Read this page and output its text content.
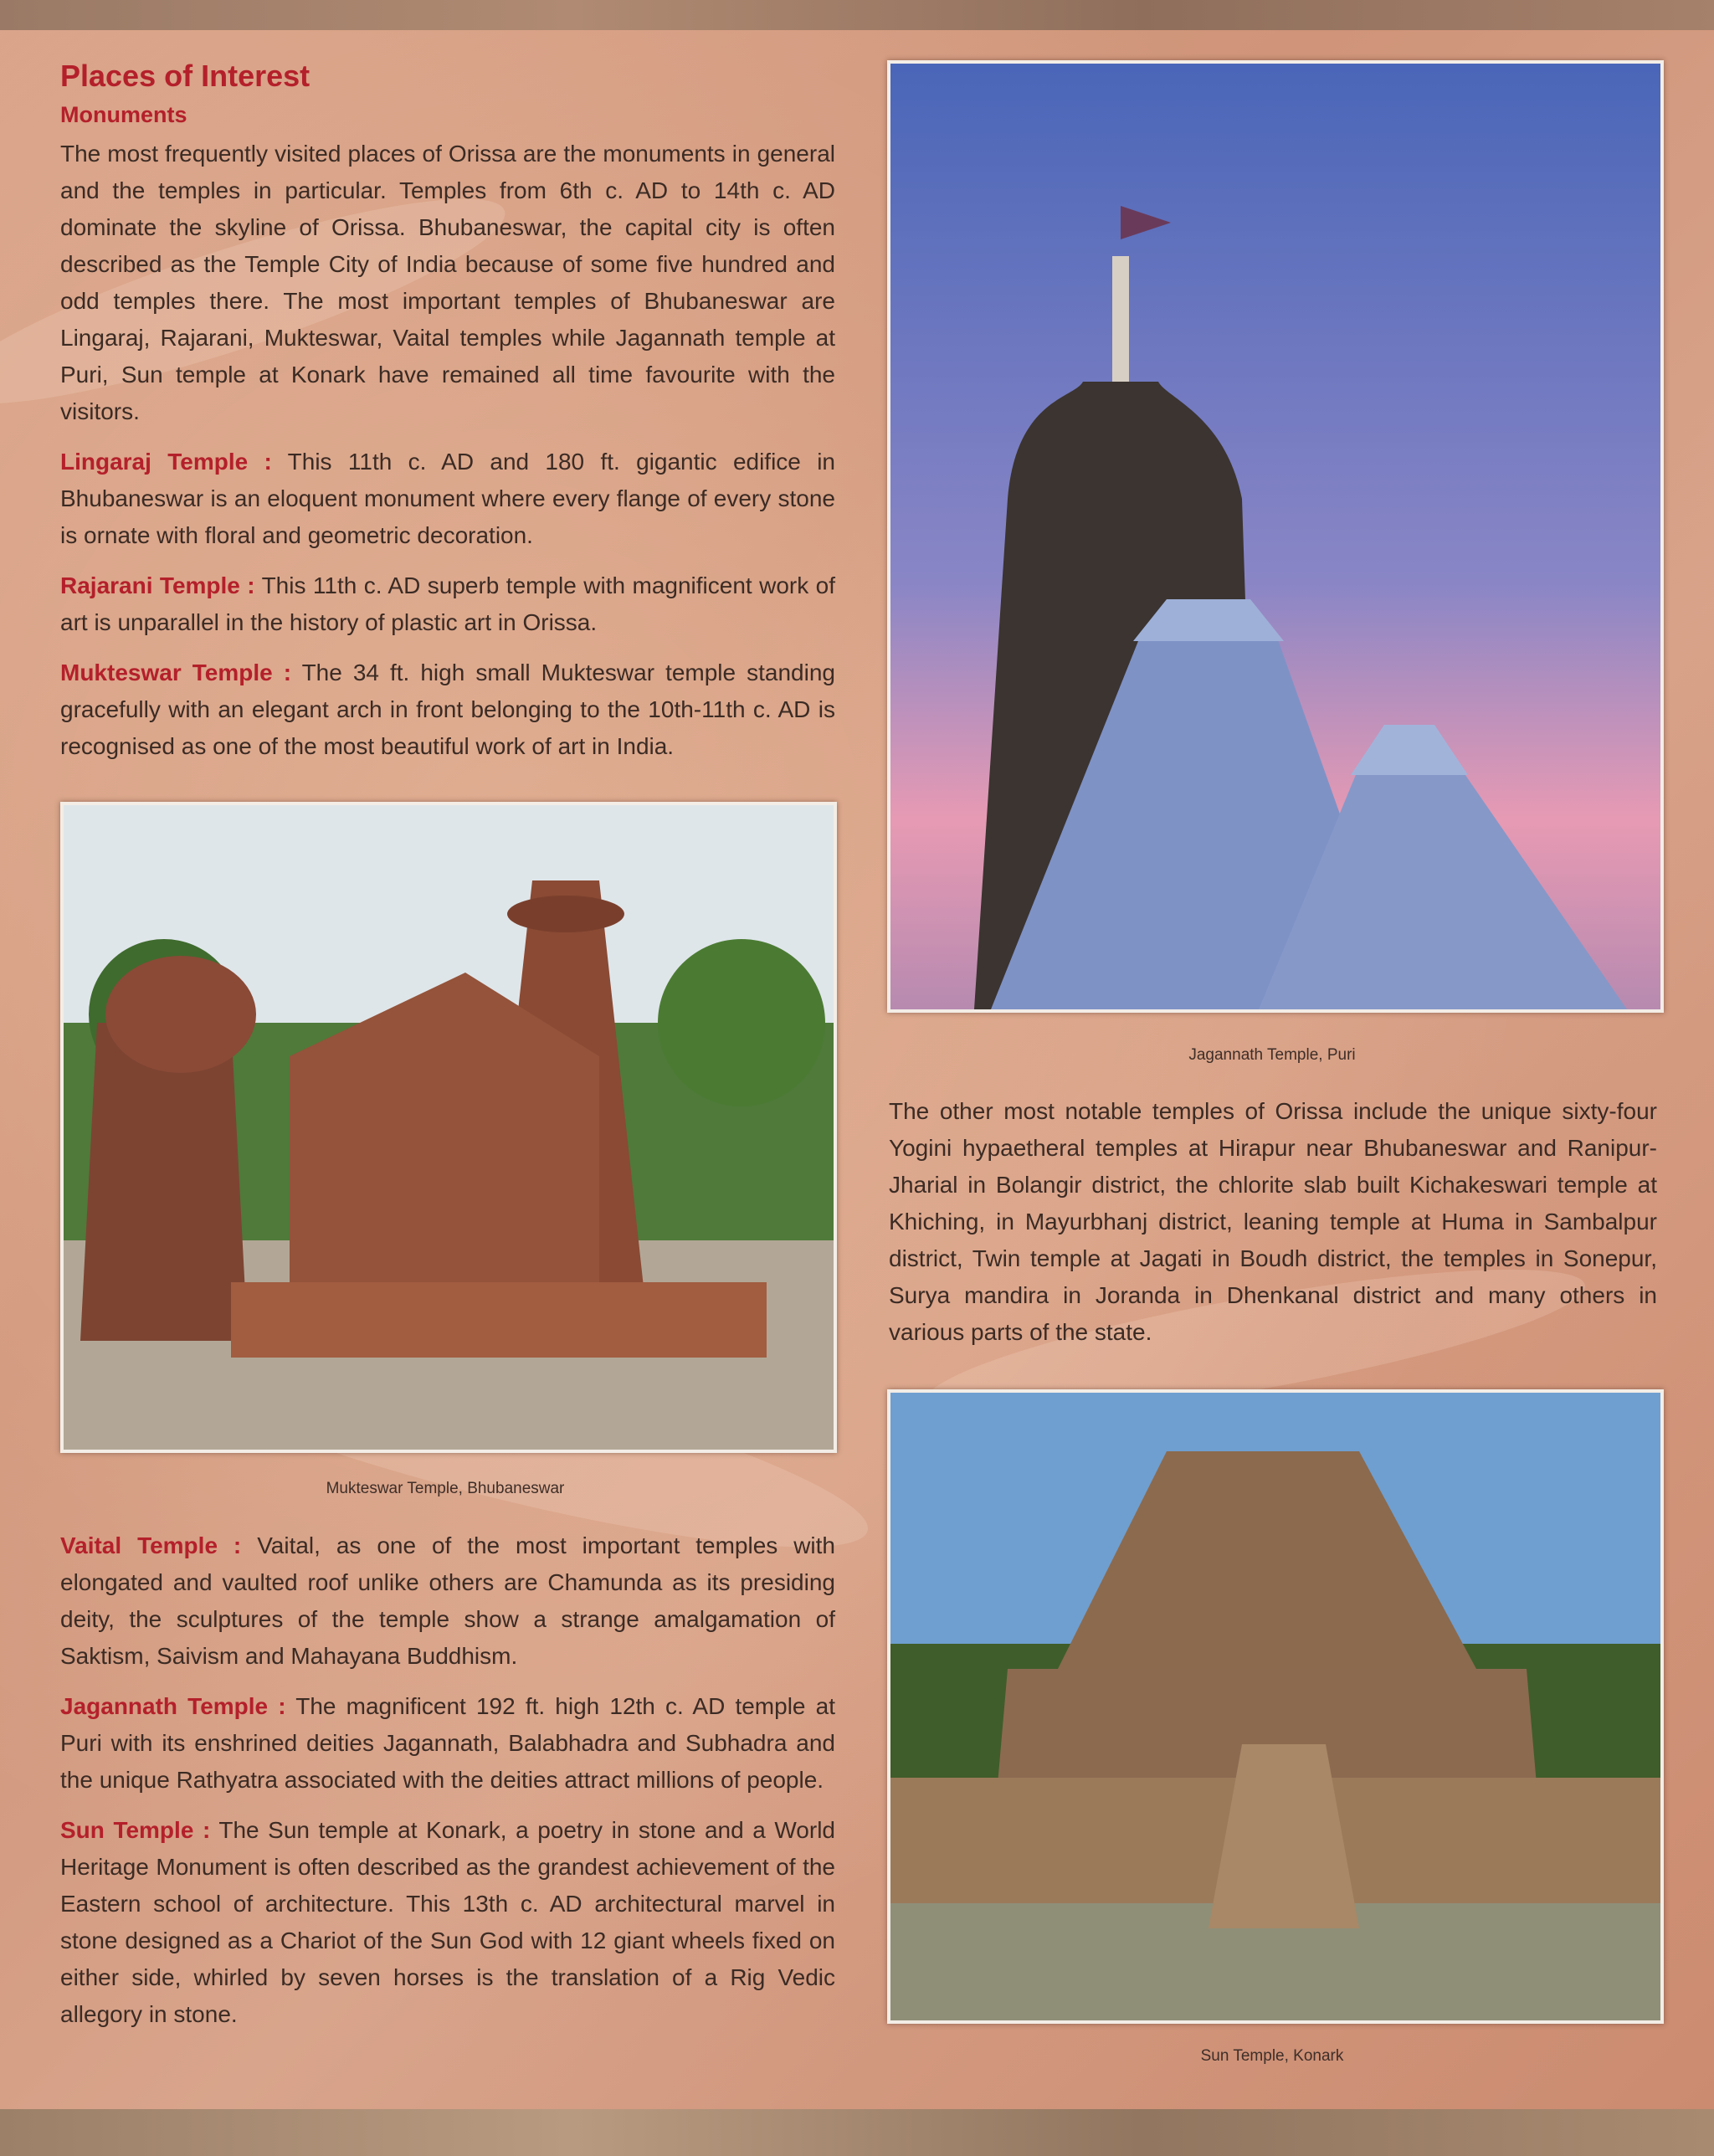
Places of Interest
Monuments

The most frequently visited places of Orissa are the monuments in general and the temples in particular. Temples from 6th c. AD to 14th c. AD dominate the skyline of Orissa. Bhubaneswar, the capital city is often described as the Temple City of India because of some five hundred and odd temples there. The most important temples of Bhubaneswar are Lingaraj, Rajarani, Mukteswar, Vaital temples while Jagannath temple at Puri, Sun temple at Konark have remained all time favourite with the visitors.

Lingaraj Temple : This 11th c. AD and 180 ft. gigantic edifice in Bhubaneswar is an eloquent monument where every flange of every stone is ornate with floral and geometric decoration.

Rajarani Temple : This 11th c. AD superb temple with magnificent work of art is unparallel in the history of plastic art in Orissa.

Mukteswar Temple : The 34 ft. high small Mukteswar temple standing gracefully with an elegant arch in front belonging to the 10th-11th c. AD is recognised as one of the most beautiful work of art in India.

Mukteswar Temple, Bhubaneswar

Vaital Temple : Vaital, as one of the most important temples with elongated and vaulted roof unlike others are Chamunda as its presiding deity, the sculptures of the temple show a strange amalgamation of Saktism, Saivism and Mahayana Buddhism.

Jagannath Temple : The magnificent 192 ft. high 12th c. AD temple at Puri with its enshrined deities Jagannath, Balabhadra and Subhadra and the unique Rathyatra associated with the deities attract millions of people.

Sun Temple : The Sun temple at Konark, a poetry in stone and a World Heritage Monument is often described as the grandest achievement of the Eastern school of architecture. This 13th c. AD architectural marvel in stone designed as a Chariot of the Sun God with 12 giant wheels fixed on either side, whirled by seven horses is the translation of a Rig Vedic allegory in stone.

Jagannath Temple, Puri

The other most notable temples of Orissa include the unique sixty-four Yogini hypaetheral temples at Hirapur near Bhubaneswar and Ranipur-Jharial in Bolangir district, the chlorite slab built Kichakeswari temple at Khiching, in Mayurbhanj district, leaning temple at Huma in Sambalpur district, Twin temple at Jagati in Boudh district, the temples in Sonepur, Surya mandira in Joranda in Dhenkanal district and many others in various parts of the state.

Sun Temple, Konark
